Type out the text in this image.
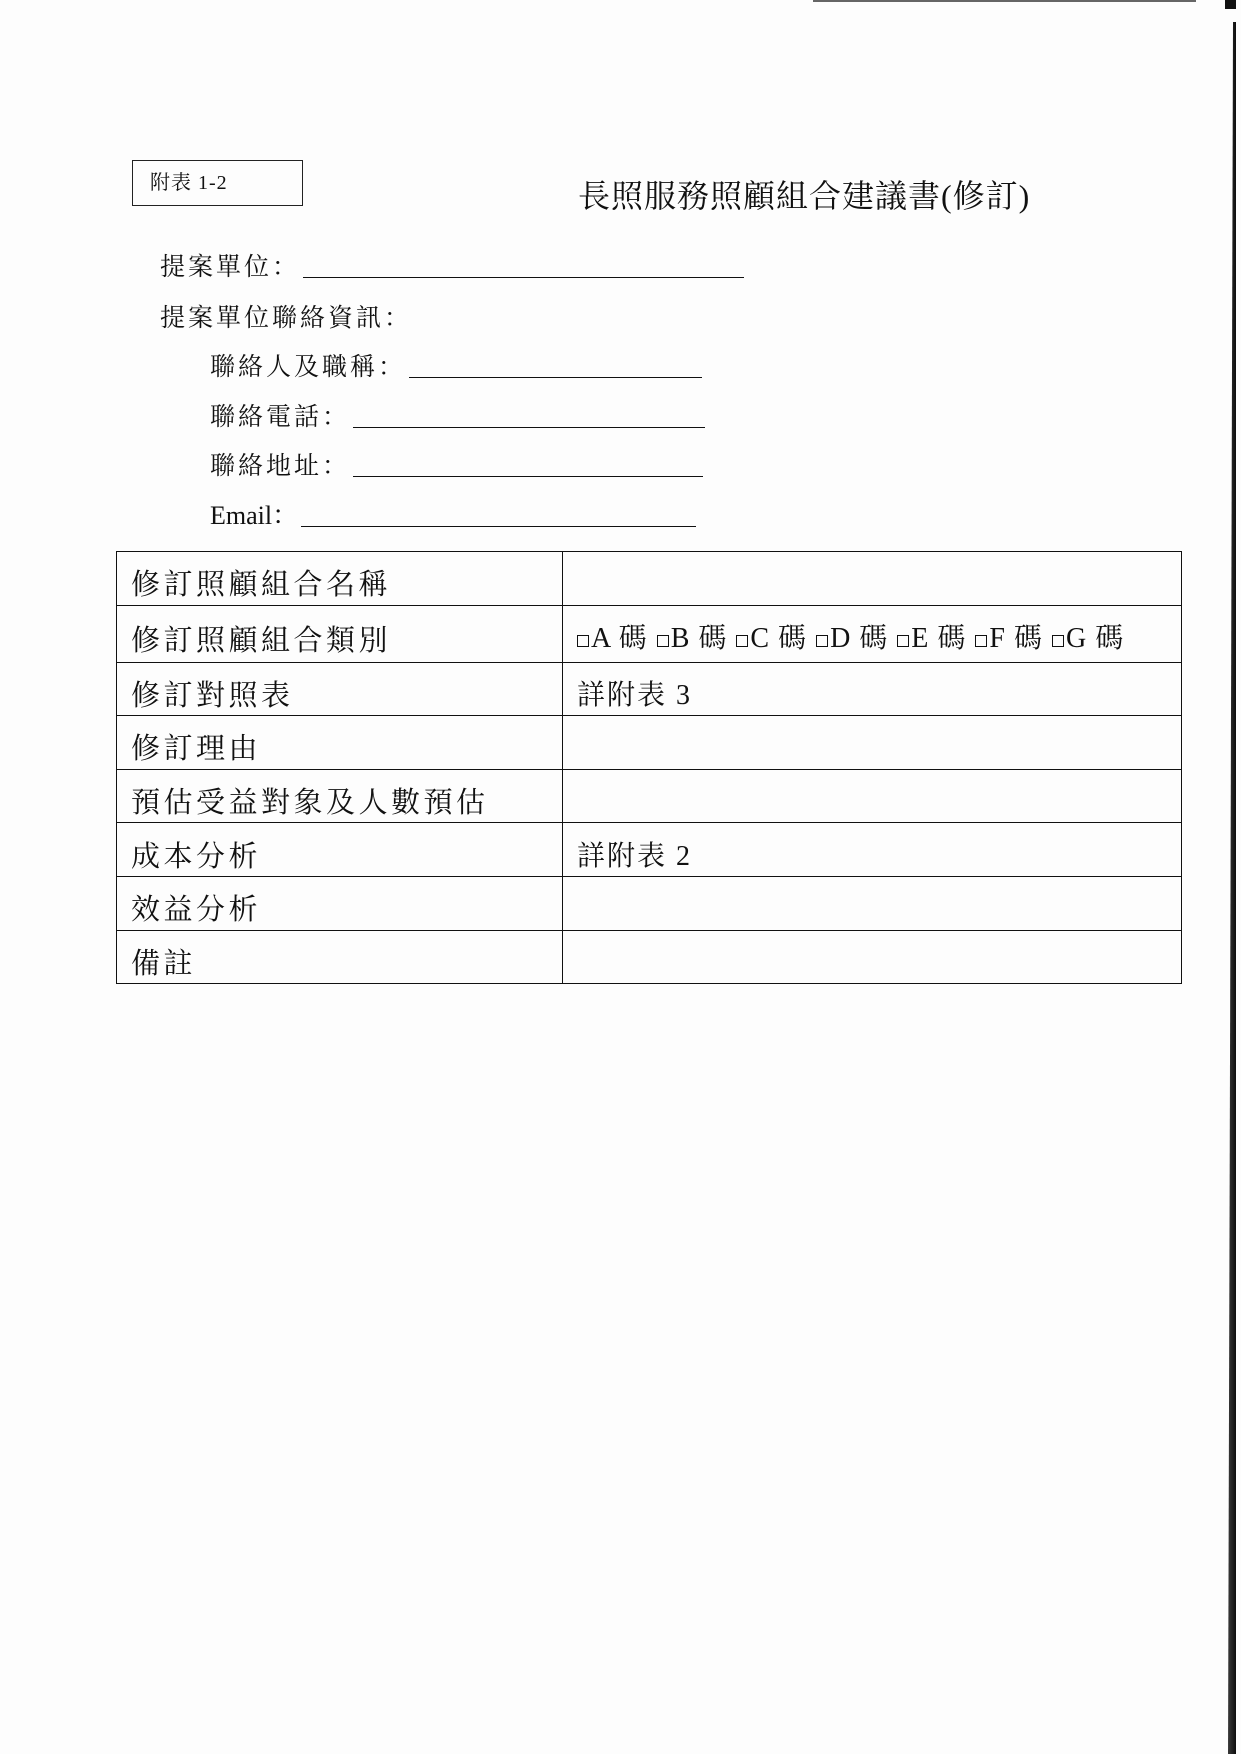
附表 1-2	長照服務照顧組合建議書(修訂)
提案單位：
提案單位聯絡資訊：
聯絡人及職稱：
聯絡電話：
聯絡地址：
Email：
修訂照顧組合名稱	
修訂照顧組合類別	A 碼 B 碼 C 碼 D 碼 E 碼 F 碼 G 碼
修訂對照表	詳附表 3
修訂理由	
預估受益對象及人數預估	
成本分析	詳附表 2
效益分析	
備註	
